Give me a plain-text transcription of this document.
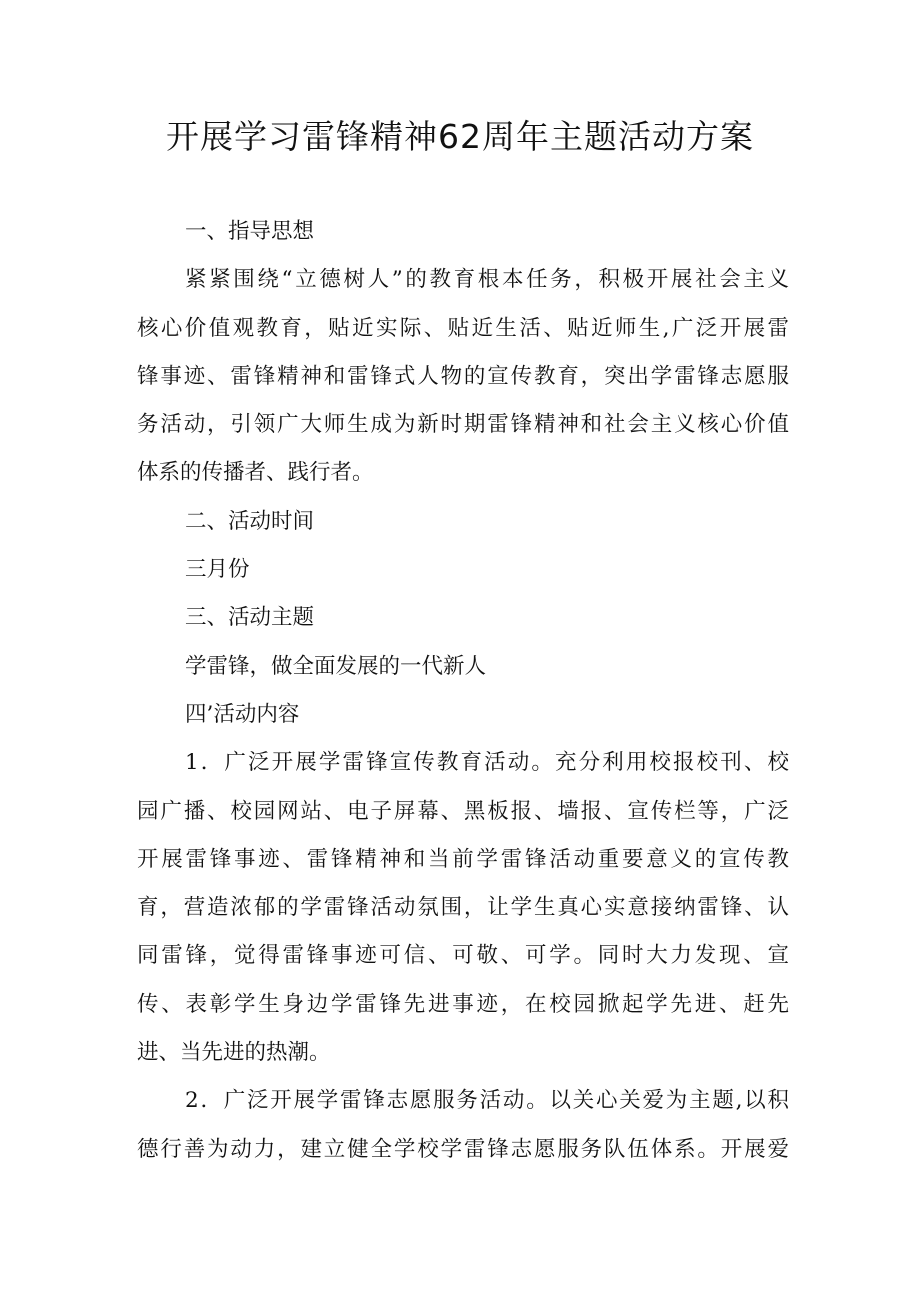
开展学习雷锋精神62周年主题活动方案

一、指导思想

紧紧围绕“立德树人”的教育根本任务，积极开展社会主义

核心价值观教育，贴近实际、贴近生活、贴近师生,广泛开展雷

锋事迹、雷锋精神和雷锋式人物的宣传教育，突出学雷锋志愿服

务活动，引领广大师生成为新时期雷锋精神和社会主义核心价值

体系的传播者、践行者。

二、活动时间

三月份

三、活动主题

学雷锋，做全面发展的一代新人

四’活动内容

1．广泛开展学雷锋宣传教育活动。充分利用校报校刊、校

园广播、校园网站、电子屏幕、黑板报、墙报、宣传栏等，广泛

开展雷锋事迹、雷锋精神和当前学雷锋活动重要意义的宣传教

育，营造浓郁的学雷锋活动氛围，让学生真心实意接纳雷锋、认

同雷锋，觉得雷锋事迹可信、可敬、可学。同时大力发现、宣

传、表彰学生身边学雷锋先进事迹，在校园掀起学先进、赶先

进、当先进的热潮。

2．广泛开展学雷锋志愿服务活动。以关心关爱为主题,以积

德行善为动力，建立健全学校学雷锋志愿服务队伍体系。开展爱
